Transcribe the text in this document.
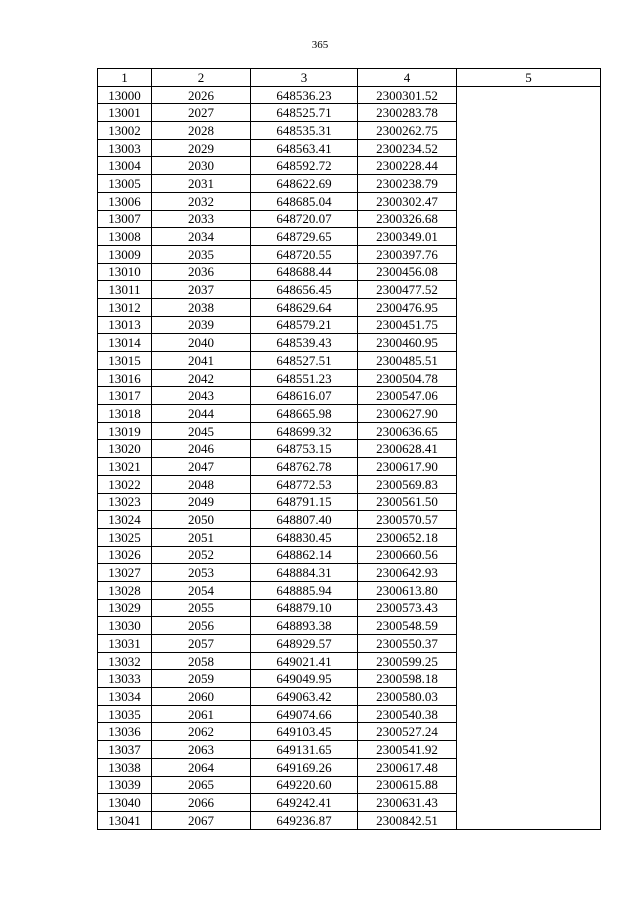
365
1	2	3	4	5
13000	2026	648536.23	2300301.52	
13001	2027	648525.71	2300283.78	
13002	2028	648535.31	2300262.75	
13003	2029	648563.41	2300234.52	
13004	2030	648592.72	2300228.44	
13005	2031	648622.69	2300238.79	
13006	2032	648685.04	2300302.47	
13007	2033	648720.07	2300326.68	
13008	2034	648729.65	2300349.01	
13009	2035	648720.55	2300397.76	
13010	2036	648688.44	2300456.08	
13011	2037	648656.45	2300477.52	
13012	2038	648629.64	2300476.95	
13013	2039	648579.21	2300451.75	
13014	2040	648539.43	2300460.95	
13015	2041	648527.51	2300485.51	
13016	2042	648551.23	2300504.78	
13017	2043	648616.07	2300547.06	
13018	2044	648665.98	2300627.90	
13019	2045	648699.32	2300636.65	
13020	2046	648753.15	2300628.41	
13021	2047	648762.78	2300617.90	
13022	2048	648772.53	2300569.83	
13023	2049	648791.15	2300561.50	
13024	2050	648807.40	2300570.57	
13025	2051	648830.45	2300652.18	
13026	2052	648862.14	2300660.56	
13027	2053	648884.31	2300642.93	
13028	2054	648885.94	2300613.80	
13029	2055	648879.10	2300573.43	
13030	2056	648893.38	2300548.59	
13031	2057	648929.57	2300550.37	
13032	2058	649021.41	2300599.25	
13033	2059	649049.95	2300598.18	
13034	2060	649063.42	2300580.03	
13035	2061	649074.66	2300540.38	
13036	2062	649103.45	2300527.24	
13037	2063	649131.65	2300541.92	
13038	2064	649169.26	2300617.48	
13039	2065	649220.60	2300615.88	
13040	2066	649242.41	2300631.43	
13041	2067	649236.87	2300842.51	
